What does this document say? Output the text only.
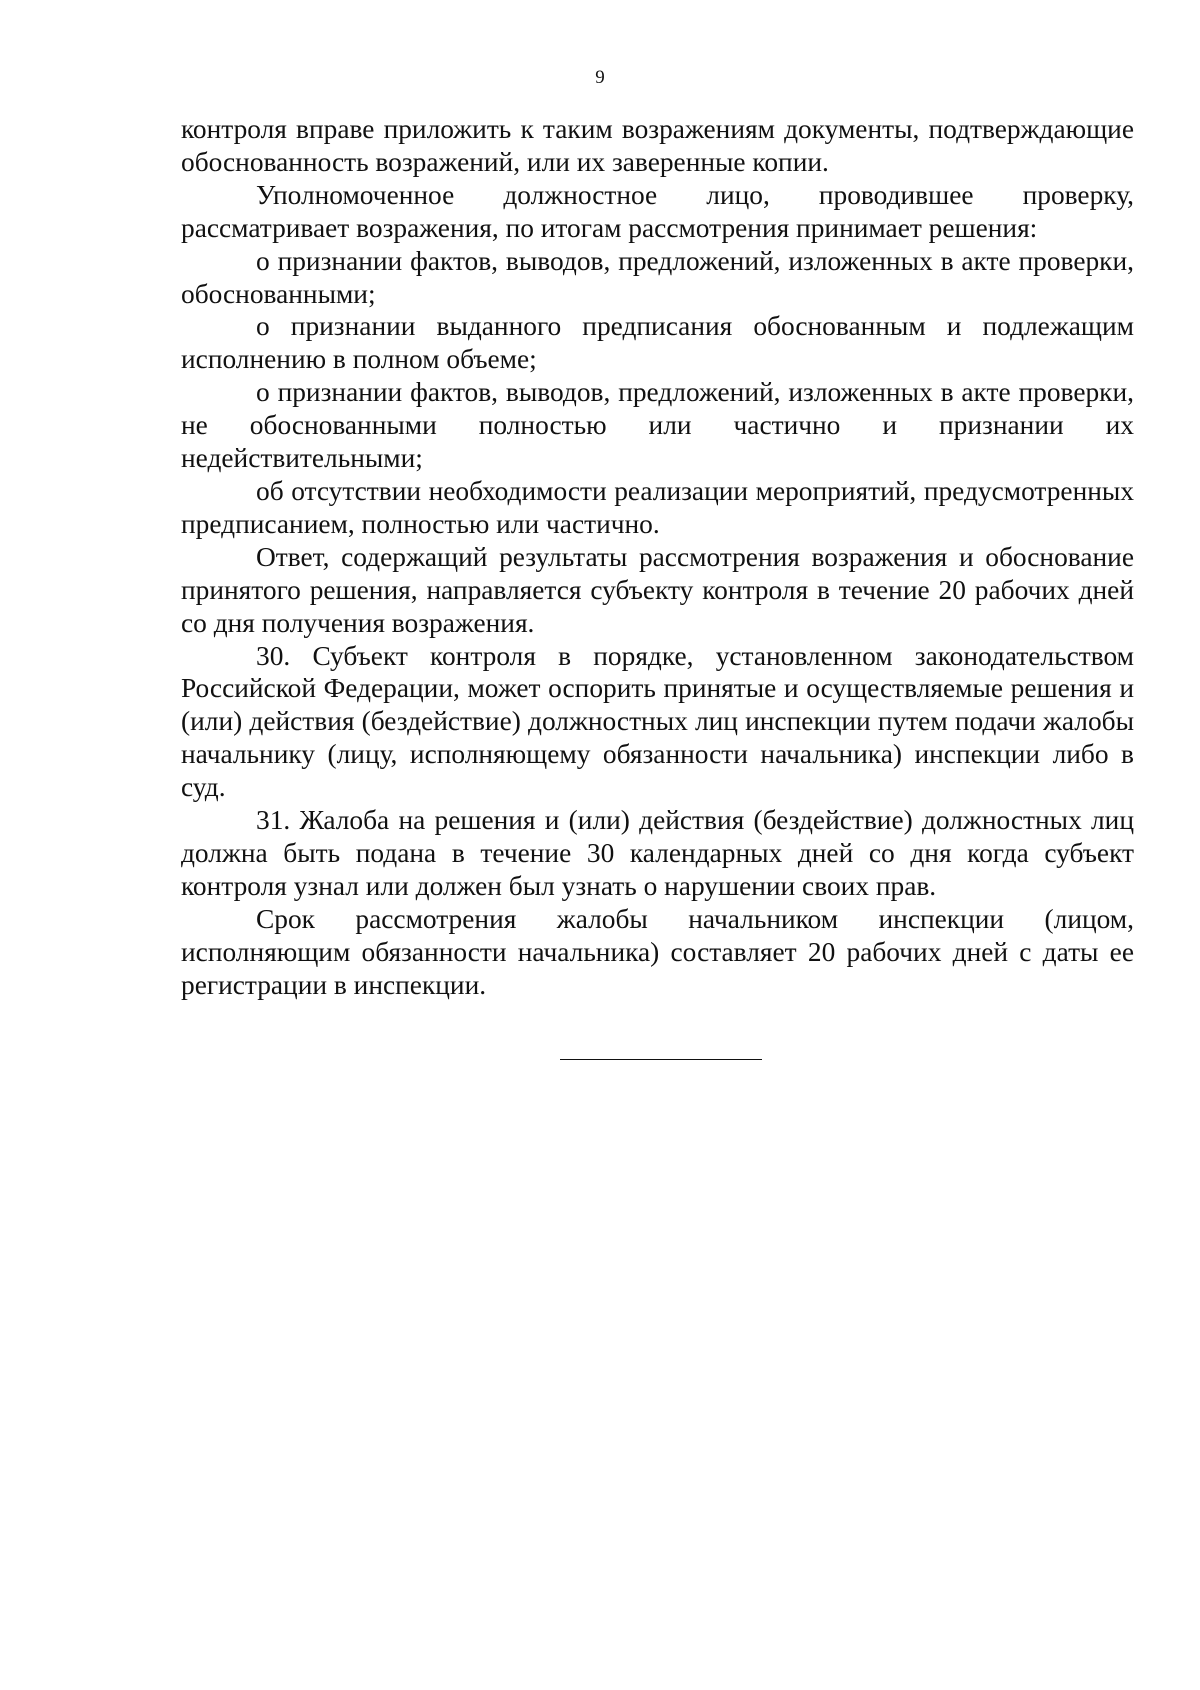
9

контроля вправе приложить к таким возражениям документы, подтверждающие обоснованность возражений, или их заверенные копии.

Уполномоченное должностное лицо, проводившее проверку, рассматривает возражения, по итогам рассмотрения принимает решения:

о признании фактов, выводов, предложений, изложенных в акте проверки, обоснованными;

о признании выданного предписания обоснованным и подлежащим исполнению в полном объеме;

о признании фактов, выводов, предложений, изложенных в акте проверки, не обоснованными полностью или частично и признании их недействительными;

об отсутствии необходимости реализации мероприятий, предусмотренных предписанием, полностью или частично.

Ответ, содержащий результаты рассмотрения возражения и обоснование принятого решения, направляется субъекту контроля в течение 20 рабочих дней со дня получения возражения.

30. Субъект контроля в порядке, установленном законодательством Российской Федерации, может оспорить принятые и осуществляемые решения и (или) действия (бездействие) должностных лиц инспекции путем подачи жалобы начальнику (лицу, исполняющему обязанности начальника) инспекции либо в суд.

31. Жалоба на решения и (или) действия (бездействие) должностных лиц должна быть подана в течение 30 календарных дней со дня когда субъект контроля узнал или должен был узнать о нарушении своих прав.

Срок рассмотрения жалобы начальником инспекции (лицом, исполняющим обязанности начальника) составляет 20 рабочих дней с даты ее регистрации в инспекции.
